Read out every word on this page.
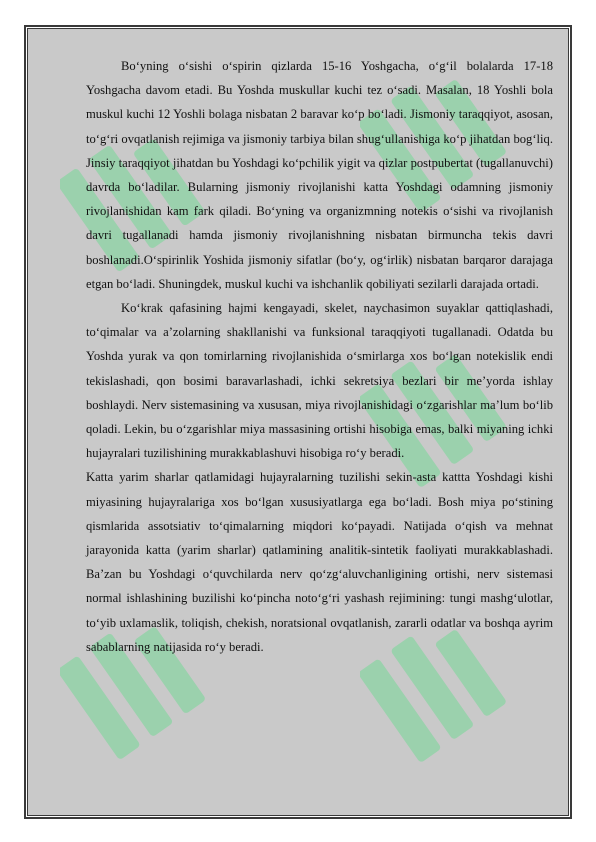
Bo‘yning o‘sishi o‘spirin qizlarda 15-16 Yoshgacha, o‘g‘il bolalarda 17-18 Yoshgacha davom etadi. Bu Yoshda muskullar kuchi tez o‘sadi. Masalan, 18 Yoshli bola muskul kuchi 12 Yoshli bolaga nisbatan 2 baravar ko‘p bo‘ladi. Jismoniy taraqqiyot, asosan, to‘g‘ri ovqatlanish rejimiga va jismoniy tarbiya bilan shug‘ullanishiga ko‘p jihatdan bog‘liq. Jinsiy taraqqiyot jihatdan bu Yoshdagi ko‘pchilik yigit va qizlar postpubertat (tugallanuvchi) davrda bo‘ladilar. Bularning jismoniy rivojlanishi katta Yoshdagi odamning jismoniy rivojlanishidan kam fark qiladi. Bo‘yning va organizmning notekis o‘sishi va rivojlanish davri tugallanadi hamda jismoniy rivojlanishning nisbatan birmuncha tekis davri boshlanadi.O‘spirinlik Yoshida jismoniy sifatlar (bo‘y, og‘irlik) nisbatan barqaror darajaga etgan bo‘ladi. Shuningdek, muskul kuchi va ishchanlik qobiliyati sezilarli darajada ortadi.

Ko‘krak qafasining hajmi kengayadi, skelet, naychasimon suyaklar qattiqlashadi, to‘qimalar va a’zolarning shakllanishi va funksional taraqqiyoti tugallanadi. Odatda bu Yoshda yurak va qon tomirlarning rivojlanishida o‘smirlarga xos bo‘lgan notekislik endi tekislashadi, qon bosimi baravarlashadi, ichki sekretsiya bezlari bir me’yorda ishlay boshlaydi. Nerv sistemasining va xususan, miya rivojlanishidagi o‘zgarishlar ma’lum bo‘lib qoladi. Lekin, bu o‘zgarishlar miya massasining ortishi hisobiga emas, balki miyaning ichki hujayralari tuzilishining murakkablashuvi hisobiga ro‘y beradi.

Katta yarim sharlar qatlamidagi hujayralarning tuzilishi sekin-asta kattta Yoshdagi kishi miyasining hujayralariga xos bo‘lgan xususiyatlarga ega bo‘ladi. Bosh miya po‘stining qismlarida assotsiativ to‘qimalarning miqdori ko‘payadi. Natijada o‘qish va mehnat jarayonida katta (yarim sharlar) qatlamining analitik-sintetik faoliyati murakkablashadi. Ba’zan bu Yoshdagi o‘quvchilarda nerv qo‘zg‘aluvchanligining ortishi, nerv sistemasi normal ishlashining buzilishi ko‘pincha noto‘g‘ri yashash rejimining: tungi mashg‘ulotlar, to‘yib uxlamaslik, toliqish, chekish, noratsional ovqatlanish, zararli odatlar va boshqa ayrim sabablarning natijasida ro‘y beradi.
